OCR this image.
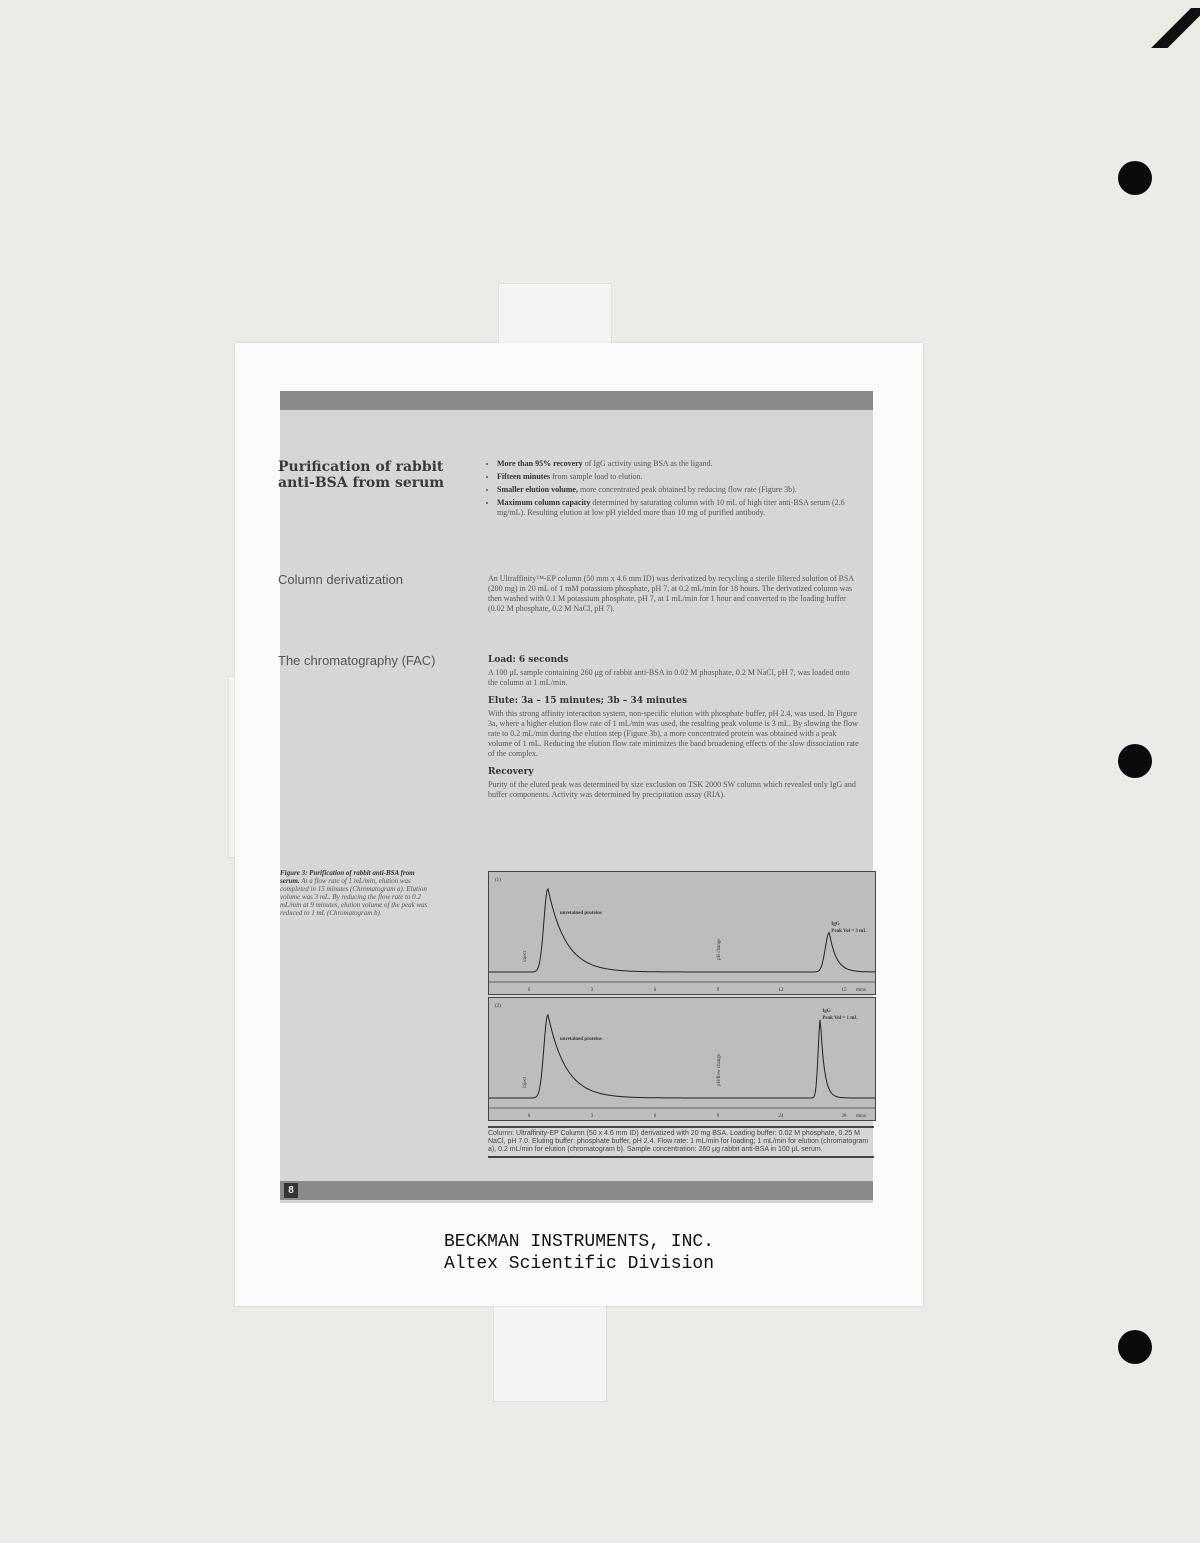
Purification of rabbit anti-BSA from serum
• More than 95% recovery of IgG activity using BSA as the ligand.
• Fifteen minutes from sample load to elution.
• Smaller elution volume, more concentrated peak obtained by reducing flow rate (Figure 3b).
• Maximum column capacity determined by saturating column with 10 mL of high titer anti-BSA serum (2.6 mg/mL). Resulting elution at low pH yielded more than 10 mg of purified antibody.
Column derivatization	An Ultraffinity™-EP column (50 mm x 4.6 mm ID) was derivatized by recycling a sterile filtered solution of BSA (200 mg) in 20 mL of 1 mM potassium phosphate, pH 7, at 0.2 mL/min for 18 hours. The derivatized column was then washed with 0.1 M potassium phosphate, pH 7, at 1 mL/min for 1 hour and converted to the loading buffer (0.02 M phosphate, 0.2 M NaCl, pH 7).
The chromatography (FAC)	Load: 6 seconds
A 100 μL sample containing 260 μg of rabbit anti-BSA in 0.02 M phosphate, 0.2 M NaCl, pH 7, was loaded onto the column at 1 mL/min.
Elute: 3a – 15 minutes; 3b – 34 minutes
With this strong affinity interaction system, non-specific elution with phosphate buffer, pH 2.4, was used. In Figure 3a, where a higher elution flow rate of 1 mL/min was used, the resulting peak volume is 3 mL. By slowing the flow rate to 0.2 mL/min during the elution step (Figure 3b), a more concentrated protein was obtained with a peak volume of 1 mL. Reducing the elution flow rate minimizes the band broadening effects of the slow dissociation rate of the complex.
Recovery
Purity of the eluted peak was determined by size exclusion on TSK 2000 SW column which revealed only IgG and buffer components. Activity was determined by precipitation assay (RIA).
Figure 3: Purification of rabbit anti-BSA from serum. At a flow rate of 1 mL/min, elution was completed in 15 minutes (Chromatogram a). Elution volume was 3 mL. By reducing the flow rate to 0.2 mL/min at 9 minutes, elution volume of the peak was reduced to 1 mL (Chromatogram b).
0	3	6	9	12	15 mins
(1)
inject
unretained proteins
pH change
IgG
Peak Vol = 3 mL
0	3	6	9	24	28 mins
(2)
inject
unretained proteins
pH/flow change
IgG
Peak Vol = 1 mL
Column: Ultraffinity-EP Column (50 x 4.6 mm ID) derivatized with 20 mg BSA. Loading buffer: 0.02 M phosphate, 0.25 M NaCl, pH 7.0. Eluting buffer: phosphate buffer, pH 2.4. Flow rate: 1 mL/min for loading; 1 mL/min for elution (chromatogram a), 0.2 mL/min for elution (chromatogram b). Sample concentration: 260 μg rabbit anti-BSA in 100 μL serum.
8
BECKMAN INSTRUMENTS, INC.
Altex Scientific Division
